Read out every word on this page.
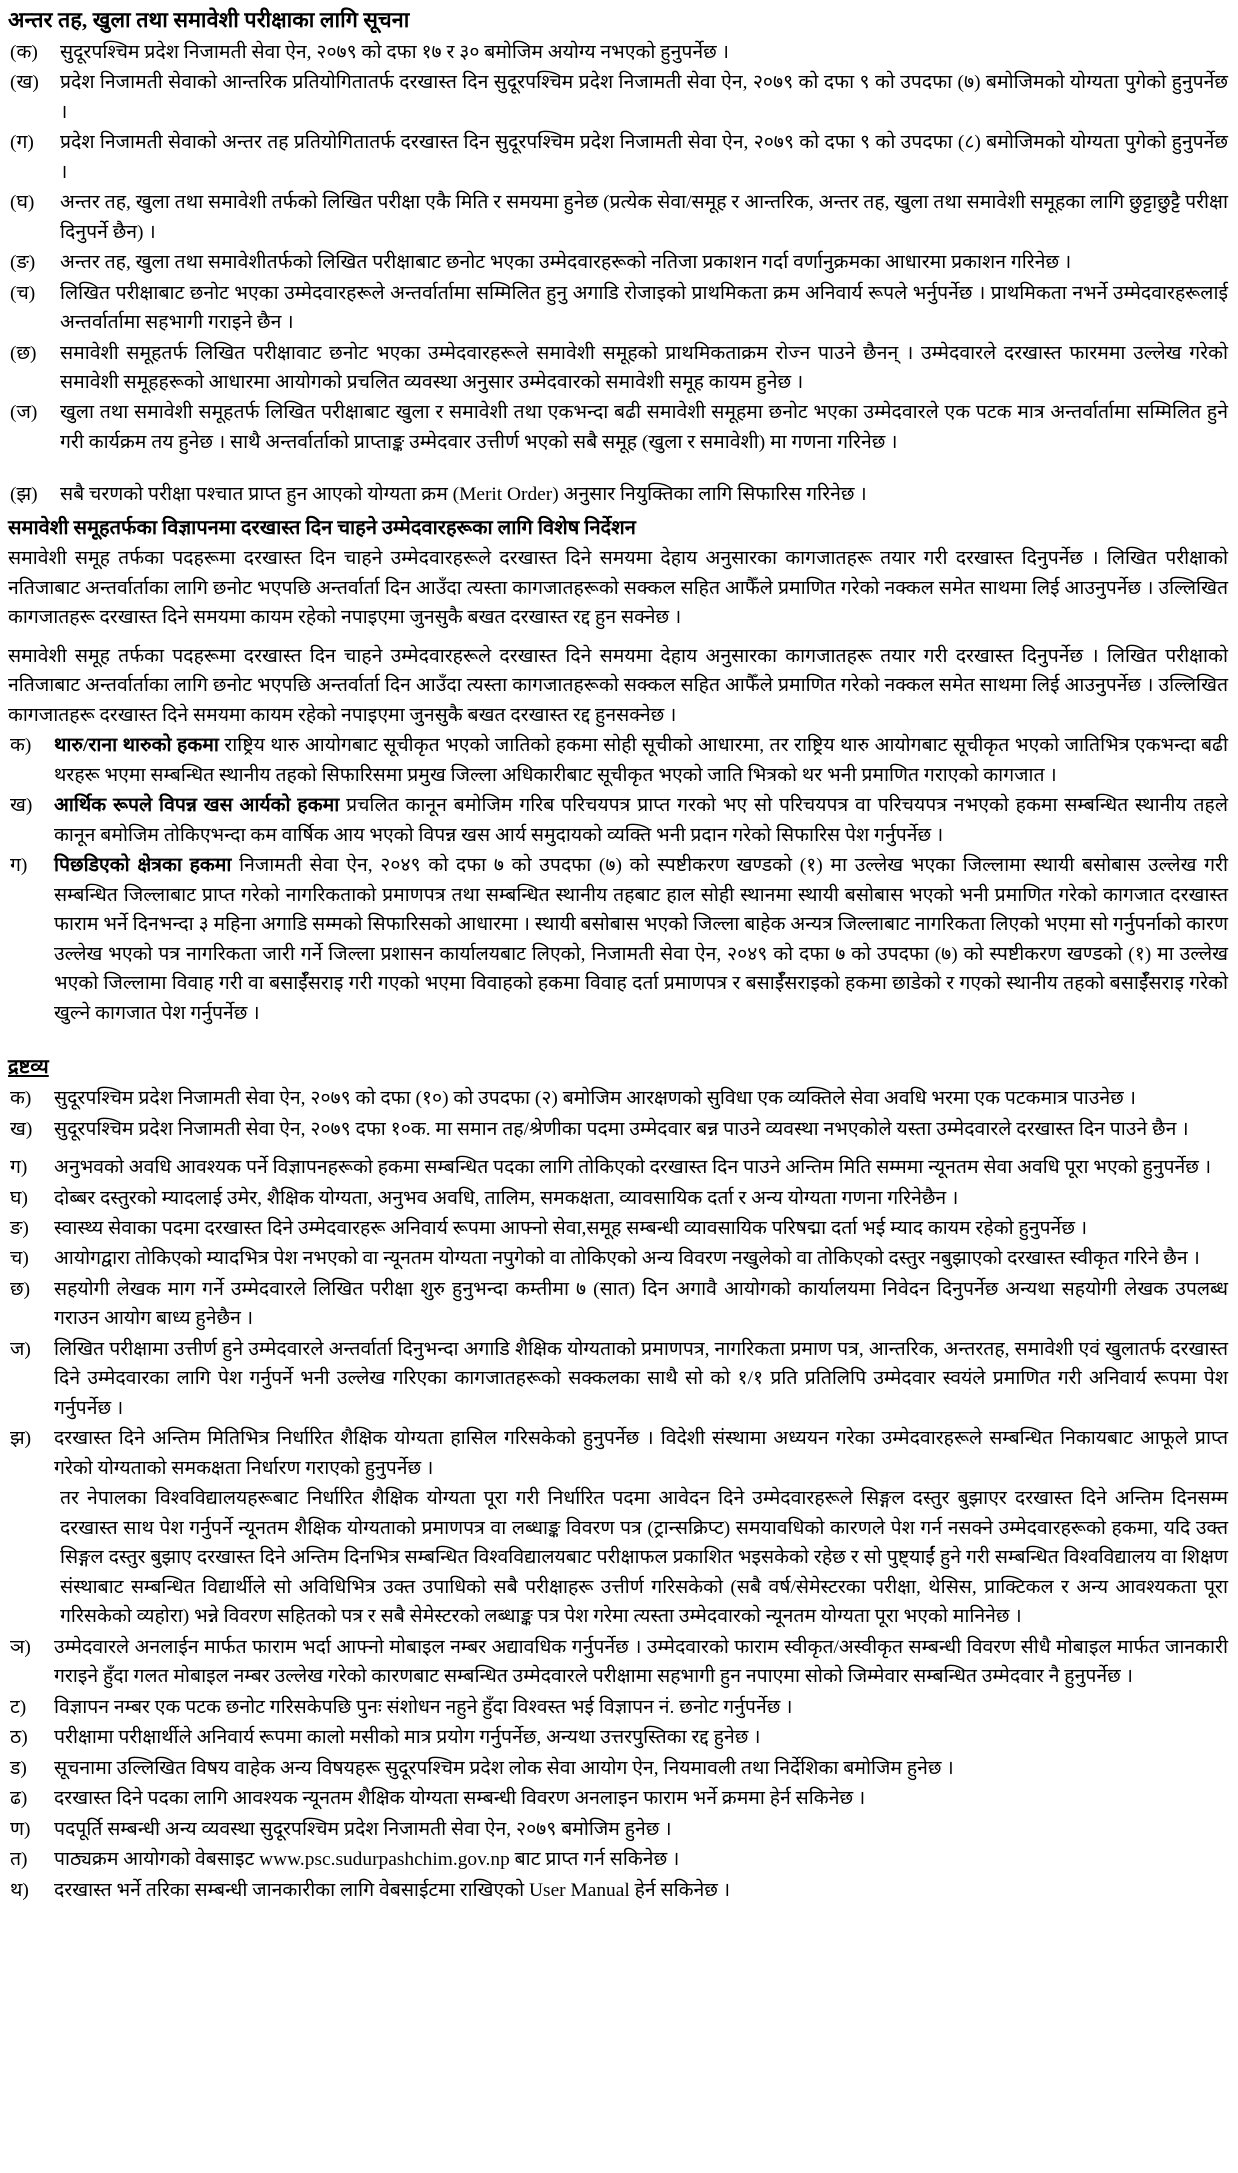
अन्तर तह, खुला तथा समावेशी परीक्षाका लागि सूचना
(क)	सुदूरपश्चिम प्रदेश निजामती सेवा ऐन, २०७९ को दफा १७ र ३० बमोजिम अयोग्य नभएको हुनुपर्नेछ ।
(ख)	प्रदेश निजामती सेवाको आन्तरिक प्रतियोगितातर्फ दरखास्त दिन सुदूरपश्चिम प्रदेश निजामती सेवा ऐन, २०७९ को दफा ९ को उपदफा (७) बमोजिमको योग्यता पुगेको हुनुपर्नेछ ।
(ग)	प्रदेश निजामती सेवाको अन्तर तह प्रतियोगितातर्फ दरखास्त दिन सुदूरपश्चिम प्रदेश निजामती सेवा ऐन, २०७९ को दफा ९ को उपदफा (८) बमोजिमको योग्यता पुगेको हुनुपर्नेछ ।
(घ)	अन्तर तह, खुला तथा समावेशी तर्फको लिखित परीक्षा एकै मिति र समयमा हुनेछ (प्रत्येक सेवा/समूह र आन्तरिक, अन्तर तह, खुला तथा समावेशी समूहका लागि छुट्टाछुट्टै परीक्षा दिनुपर्ने छैन) ।
(ङ)	अन्तर तह, खुला तथा समावेशीतर्फको लिखित परीक्षाबाट छनोट भएका उम्मेदवारहरूको नतिजा प्रकाशन गर्दा वर्णानुक्रमका आधारमा प्रकाशन गरिनेछ ।
(च)	लिखित परीक्षाबाट छनोट भएका उम्मेदवारहरूले अन्तर्वार्तामा सम्मिलित हुनु अगाडि रोजाइको प्राथमिकता क्रम अनिवार्य रूपले भर्नुपर्नेछ । प्राथमिकता नभर्ने उम्मेदवारहरूलाई अन्तर्वार्तामा सहभागी गराइने छैन ।
(छ)	समावेशी समूहतर्फ लिखित परीक्षावाट छनोट भएका उम्मेदवारहरूले समावेशी समूहको प्राथमिकताक्रम रोज्न पाउने छैनन् । उम्मेदवारले दरखास्त फारममा उल्लेख गरेको समावेशी समूहहरूको आधारमा आयोगको प्रचलित व्यवस्था अनुसार उम्मेदवारको समावेशी समूह कायम हुनेछ ।
(ज)	खुला तथा समावेशी समूहतर्फ लिखित परीक्षाबाट खुला र समावेशी तथा एकभन्दा बढी समावेशी समूहमा छनोट भएका उम्मेदवारले एक पटक मात्र अन्तर्वार्तामा सम्मिलित हुने गरी कार्यक्रम तय हुनेछ । साथै अन्तर्वार्ताको प्राप्ताङ्क उम्मेदवार उत्तीर्ण भएको सबै समूह (खुला र समावेशी) मा गणना गरिनेछ ।
(झ)	सबै चरणको परीक्षा पश्चात प्राप्त हुन आएको योग्यता क्रम (Merit Order) अनुसार नियुक्तिका लागि सिफारिस गरिनेछ ।
समावेशी समूहतर्फका विज्ञापनमा दरखास्त दिन चाहने उम्मेदवारहरूका लागि विशेष निर्देशन
समावेशी समूह तर्फका पदहरूमा दरखास्त दिन चाहने उम्मेदवारहरूले दरखास्त दिने समयमा देहाय अनुसारका कागजातहरू तयार गरी दरखास्त दिनुपर्नेछ । लिखित परीक्षाको नतिजाबाट अन्तर्वार्ताका लागि छनोट भएपछि अन्तर्वार्ता दिन आउँदा त्यस्ता कागजातहरूको सक्कल सहित आफैँले प्रमाणित गरेको नक्कल समेत साथमा लिई आउनुपर्नेछ । उल्लिखित कागजातहरू दरखास्त दिने समयमा कायम रहेको नपाइएमा जुनसुकै बखत दरखास्त रद्द हुन सक्नेछ ।
समावेशी समूह तर्फका पदहरूमा दरखास्त दिन चाहने उम्मेदवारहरूले दरखास्त दिने समयमा देहाय अनुसारका कागजातहरू तयार गरी दरखास्त दिनुपर्नेछ । लिखित परीक्षाको नतिजाबाट अन्तर्वार्ताका लागि छनोट भएपछि अन्तर्वार्ता दिन आउँदा त्यस्ता कागजातहरूको सक्कल सहित आफैँले प्रमाणित गरेको नक्कल समेत साथमा लिई आउनुपर्नेछ । उल्लिखित कागजातहरू दरखास्त दिने समयमा कायम रहेको नपाइएमा जुनसुकै बखत दरखास्त रद्द हुनसक्नेछ ।
क)	थारु/राना थारुको हकमा राष्ट्रिय थारु आयोगबाट सूचीकृत भएको जातिको हकमा सोही सूचीको आधारमा, तर राष्ट्रिय थारु आयोगबाट सूचीकृत भएको जातिभित्र एकभन्दा बढी थरहरू भएमा सम्बन्धित स्थानीय तहको सिफारिसमा प्रमुख जिल्ला अधिकारीबाट सूचीकृत भएको जाति भित्रको थर भनी प्रमाणित गराएको कागजात ।
ख)	आर्थिक रूपले विपन्न खस आर्यको हकमा प्रचलित कानून बमोजिम गरिब परिचयपत्र प्राप्त गरको भए सो परिचयपत्र वा परिचयपत्र नभएको हकमा सम्बन्धित स्थानीय तहले कानून बमोजिम तोकिएभन्दा कम वार्षिक आय भएको विपन्न खस आर्य समुदायको व्यक्ति भनी प्रदान गरेको सिफारिस पेश गर्नुपर्नेछ ।
ग)	पिछडिएको क्षेत्रका हकमा निजामती सेवा ऐन, २०४९ को दफा ७ को उपदफा (७) को स्पष्टीकरण खण्डको (१) मा उल्लेख भएका जिल्लामा स्थायी बसोबास उल्लेख गरी सम्बन्धित जिल्लाबाट प्राप्त गरेको नागरिकताको प्रमाणपत्र तथा सम्बन्धित स्थानीय तहबाट हाल सोही स्थानमा स्थायी बसोबास भएको भनी प्रमाणित गरेको कागजात दरखास्त फाराम भर्ने दिनभन्दा ३ महिना अगाडि सम्मको सिफारिसको आधारमा । स्थायी बसोबास भएको जिल्ला बाहेक अन्यत्र जिल्लाबाट नागरिकता लिएको भएमा सो गर्नुपर्नाको कारण उल्लेख भएको पत्र नागरिकता जारी गर्ने जिल्ला प्रशासन कार्यालयबाट लिएको, निजामती सेवा ऐन, २०४९ को दफा ७ को उपदफा (७) को स्पष्टीकरण खण्डको (१) मा उल्लेख भएको जिल्लामा विवाह गरी वा बसाईँसराइ गरी गएको भएमा विवाहको हकमा विवाह दर्ता प्रमाणपत्र र बसाईँसराइको हकमा छाडेको र गएको स्थानीय तहको बसाईँसराइ गरेको खुल्ने कागजात पेश गर्नुपर्नेछ ।
द्रष्टव्य
क)	सुदूरपश्चिम प्रदेश निजामती सेवा ऐन, २०७९ को दफा (१०) को उपदफा (२) बमोजिम आरक्षणको सुविधा एक व्यक्तिले सेवा अवधि भरमा एक पटकमात्र पाउनेछ ।
ख)	सुदूरपश्चिम प्रदेश निजामती सेवा ऐन, २०७९ दफा १०क. मा समान तह/श्रेणीका पदमा उम्मेदवार बन्न पाउने व्यवस्था नभएकोले यस्ता उम्मेदवारले दरखास्त दिन पाउने छैन ।
ग)	अनुभवको अवधि आवश्यक पर्ने विज्ञापनहरूको हकमा सम्बन्धित पदका लागि तोकिएको दरखास्त दिन पाउने अन्तिम मिति सम्ममा न्यूनतम सेवा अवधि पूरा भएको हुनुपर्नेछ ।
घ)	दोब्बर दस्तुरको म्यादलाई उमेर, शैक्षिक योग्यता, अनुभव अवधि, तालिम, समकक्षता, व्यावसायिक दर्ता र अन्य योग्यता गणना गरिनेछैन ।
ङ)	स्वास्थ्य सेवाका पदमा दरखास्त दिने उम्मेदवारहरू अनिवार्य रूपमा आफ्नो सेवा,समूह सम्बन्धी व्यावसायिक परिषद्मा दर्ता भई म्याद कायम रहेको हुनुपर्नेछ ।
च)	आयोगद्वारा तोकिएको म्यादभित्र पेश नभएको वा न्यूनतम योग्यता नपुगेको वा तोकिएको अन्य विवरण नखुलेको वा तोकिएको दस्तुर नबुझाएको दरखास्त स्वीकृत गरिने छैन ।
छ)	सहयोगी लेखक माग गर्ने उम्मेदवारले लिखित परीक्षा शुरु हुनुभन्दा कम्तीमा ७ (सात) दिन अगावै आयोगको कार्यालयमा निवेदन दिनुपर्नेछ अन्यथा सहयोगी लेखक उपलब्ध गराउन आयोग बाध्य हुनेछैन ।
ज)	लिखित परीक्षामा उत्तीर्ण हुने उम्मेदवारले अन्तर्वार्ता दिनुभन्दा अगाडि शैक्षिक योग्यताको प्रमाणपत्र, नागरिकता प्रमाण पत्र, आन्तरिक, अन्तरतह, समावेशी एवं खुलातर्फ दरखास्त दिने उम्मेदवारका लागि पेश गर्नुपर्ने भनी उल्लेख गरिएका कागजातहरूको सक्कलका साथै सो को १/१ प्रति प्रतिलिपि उम्मेदवार स्वयंले प्रमाणित गरी अनिवार्य रूपमा पेश गर्नुपर्नेछ ।
झ)	दरखास्त दिने अन्तिम मितिभित्र निर्धारित शैक्षिक योग्यता हासिल गरिसकेको हुनुपर्नेछ । विदेशी संस्थामा अध्ययन गरेका उम्मेदवारहरूले सम्बन्धित निकायबाट आफूले प्राप्त गरेको योग्यताको समकक्षता निर्धारण गराएको हुनुपर्नेछ ।
तर नेपालका विश्वविद्यालयहरूबाट निर्धारित शैक्षिक योग्यता पूरा गरी निर्धारित पदमा आवेदन दिने उम्मेदवारहरूले सिङ्गल दस्तुर बुझाएर दरखास्त दिने अन्तिम दिनसम्म दरखास्त साथ पेश गर्नुपर्ने न्यूनतम शैक्षिक योग्यताको प्रमाणपत्र वा लब्धाङ्क विवरण पत्र (ट्रान्सक्रिप्ट) समयावधिको कारणले पेश गर्न नसक्ने उम्मेदवारहरूको हकमा, यदि उक्त सिङ्गल दस्तुर बुझाए दरखास्त दिने अन्तिम दिनभित्र सम्बन्धित विश्वविद्यालयबाट परीक्षाफल प्रकाशित भइसकेको रहेछ र सो पुष्ट्याईं हुने गरी सम्बन्धित विश्वविद्यालय वा शिक्षण संस्थाबाट सम्बन्धित विद्यार्थीले सो अविधिभित्र उक्त उपाधिको सबै परीक्षाहरू उत्तीर्ण गरिसकेको (सबै वर्ष/सेमेस्टरका परीक्षा, थेसिस, प्राक्टिकल र अन्य आवश्यकता पूरा गरिसकेको व्यहोरा) भन्ने विवरण सहितको पत्र र सबै सेमेस्टरको लब्धाङ्क पत्र पेश गरेमा त्यस्ता उम्मेदवारको न्यूनतम योग्यता पूरा भएको मानिनेछ ।
ञ)	उम्मेदवारले अनलाईन मार्फत फाराम भर्दा आफ्नो मोबाइल नम्बर अद्यावधिक गर्नुपर्नेछ । उम्मेदवारको फाराम स्वीकृत/अस्वीकृत सम्बन्धी विवरण सीधै मोबाइल मार्फत जानकारी गराइने हुँदा गलत मोबाइल नम्बर उल्लेख गरेको कारणबाट सम्बन्धित उम्मेदवारले परीक्षामा सहभागी हुन नपाएमा सोको जिम्मेवार सम्बन्धित उम्मेदवार नै हुनुपर्नेछ ।
ट)	विज्ञापन नम्बर एक पटक छनोट गरिसकेपछि पुनः संशोधन नहुने हुँदा विश्वस्त भई विज्ञापन नं. छनोट गर्नुपर्नेछ ।
ठ)	परीक्षामा परीक्षार्थीले अनिवार्य रूपमा कालो मसीको मात्र प्रयोग गर्नुपर्नेछ, अन्यथा उत्तरपुस्तिका रद्द हुनेछ ।
ड)	सूचनामा उल्लिखित विषय वाहेक अन्य विषयहरू सुदूरपश्चिम प्रदेश लोक सेवा आयोग ऐन, नियमावली तथा निर्देशिका बमोजिम हुनेछ ।
ढ)	दरखास्त दिने पदका लागि आवश्यक न्यूनतम शैक्षिक योग्यता सम्बन्धी विवरण अनलाइन फाराम भर्ने क्रममा हेर्न सकिनेछ ।
ण)	पदपूर्ति सम्बन्धी अन्य व्यवस्था सुदूरपश्चिम प्रदेश निजामती सेवा ऐन, २०७९ बमोजिम हुनेछ ।
त)	पाठ्यक्रम आयोगको वेबसाइट www.psc.sudurpashchim.gov.np बाट प्राप्त गर्न सकिनेछ ।
थ)	दरखास्त भर्ने तरिका सम्बन्धी जानकारीका लागि वेबसाईटमा राखिएको User Manual हेर्न सकिनेछ ।
